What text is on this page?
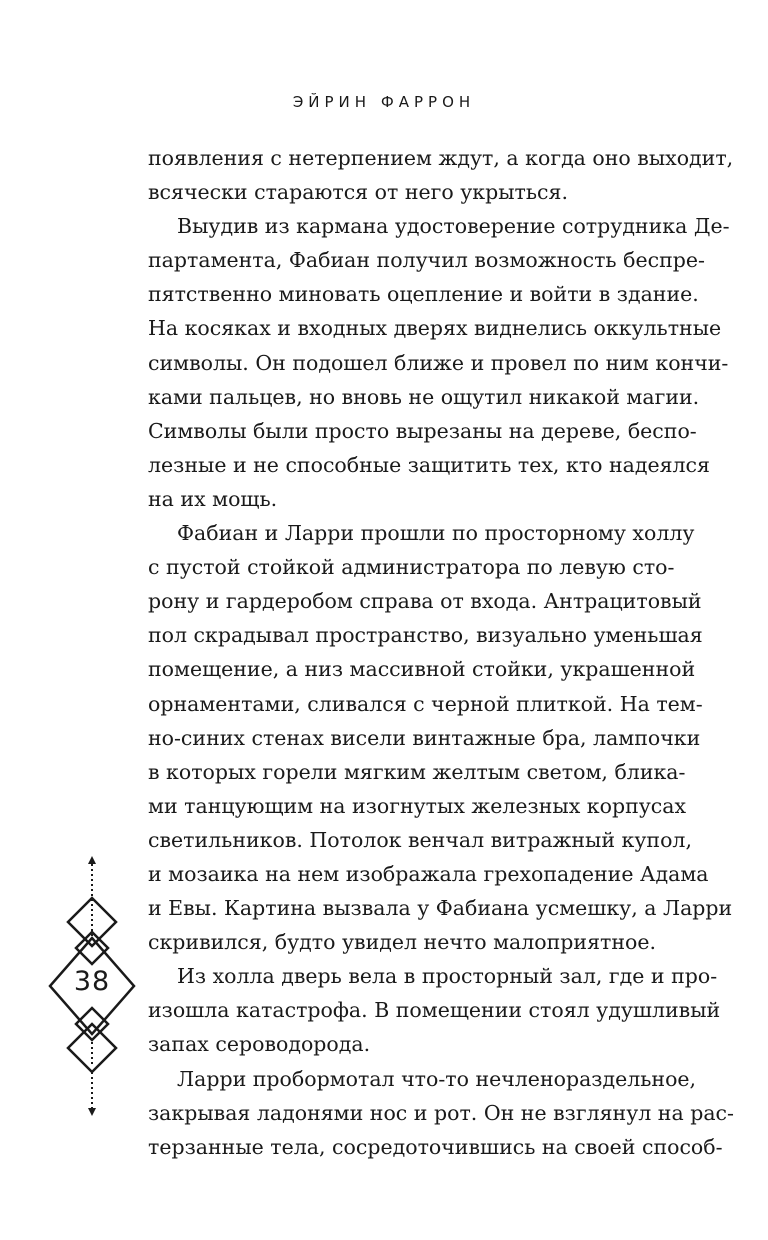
ЭЙРИН ФАРРОН
появления с нетерпением ждут, а когда оно выходит,
всячески стараются от него укрыться.
Выудив из кармана удостоверение сотрудника Де-
партамента, Фабиан получил возможность беспре-
пятственно миновать оцепление и войти в здание.
На косяках и входных дверях виднелись оккультные
символы. Он подошел ближе и провел по ним кончи-
ками пальцев, но вновь не ощутил никакой магии.
Символы были просто вырезаны на дереве, беспо-
лезные и не способные защитить тех, кто надеялся
на их мощь.
Фабиан и Ларри прошли по просторному холлу
с пустой стойкой администратора по левую сто-
рону и гардеробом справа от входа. Антрацитовый
пол скрадывал пространство, визуально уменьшая
помещение, а низ массивной стойки, украшенной
орнаментами, сливался с черной плиткой. На тем-
но-синих стенах висели винтажные бра, лампочки
в которых горели мягким желтым светом, блика-
ми танцующим на изогнутых железных корпусах
светильников. Потолок венчал витражный купол,
и мозаика на нем изображала грехопадение Адама
и Евы. Картина вызвала у Фабиана усмешку, а Ларри
скривился, будто увидел нечто малоприятное.
Из холла дверь вела в просторный зал, где и про-
изошла катастрофа. В помещении стоял удушливый
запах сероводорода.
Ларри пробормотал что-то нечленораздельное,
закрывая ладонями нос и рот. Он не взглянул на рас-
терзанные тела, сосредоточившись на своей способ-
38
